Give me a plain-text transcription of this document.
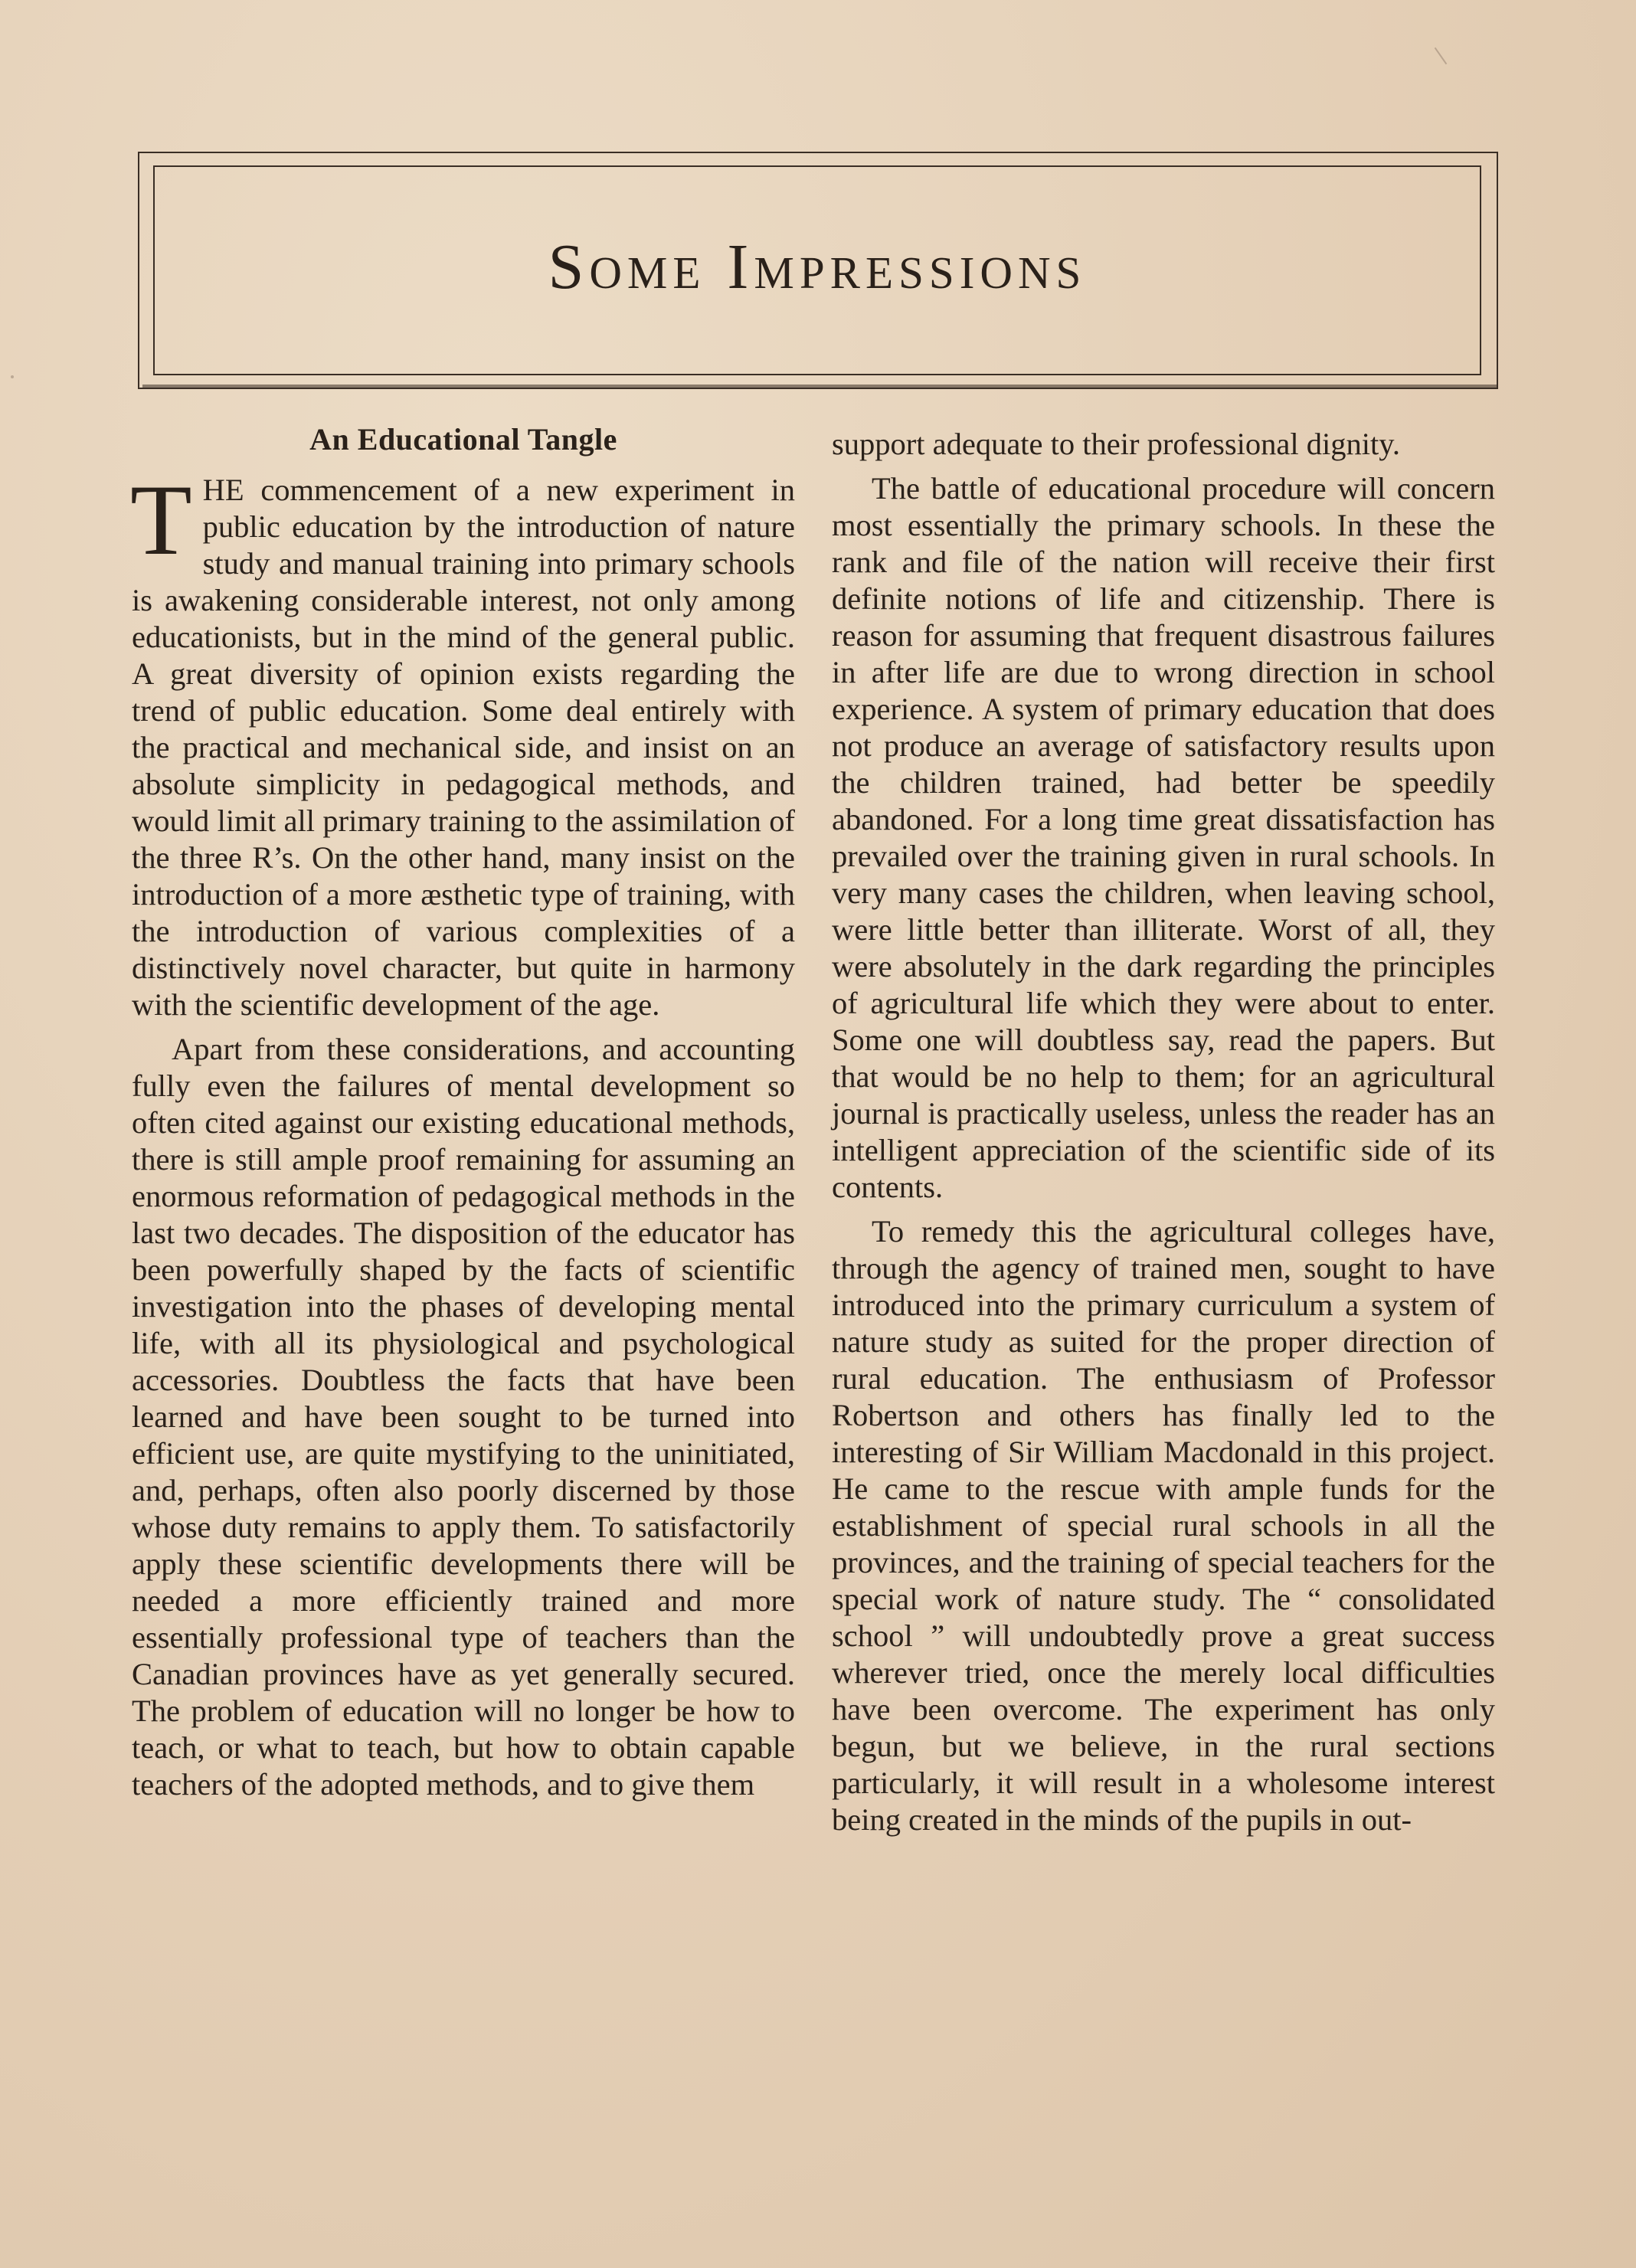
Some Impressions
An Educational Tangle

THE commencement of a new experiment in public education by the introduction of nature study and manual training into primary schools is awakening considerable interest, not only among educationists, but in the mind of the general public. A great diversity of opinion exists regarding the trend of public education. Some deal entirely with the practical and mechanical side, and insist on an absolute simplicity in pedagogical methods, and would limit all primary training to the assimilation of the three R’s. On the other hand, many insist on the introduction of a more æsthetic type of training, with the introduction of various complexities of a distinctively novel character, but quite in harmony with the scientific development of the age.

Apart from these considerations, and accounting fully even the failures of mental development so often cited against our existing educational methods, there is still ample proof remaining for assuming an enormous reformation of pedagogical methods in the last two decades. The disposition of the educator has been powerfully shaped by the facts of scientific investigation into the phases of developing mental life, with all its physiological and psychological accessories. Doubtless the facts that have been learned and have been sought to be turned into efficient use, are quite mystifying to the uninitiated, and, perhaps, often also poorly discerned by those whose duty remains to apply them. To satisfactorily apply these scientific developments there will be needed a more efficiently trained and more essentially professional type of teachers than the Canadian provinces have as yet generally secured. The problem of education will no longer be how to teach, or what to teach, but how to obtain capable teachers of the adopted methods, and to give them

support adequate to their professional dignity.

The battle of educational procedure will concern most essentially the primary schools. In these the rank and file of the nation will receive their first definite notions of life and citizenship. There is reason for assuming that frequent disastrous failures in after life are due to wrong direction in school experience. A system of primary education that does not produce an average of satisfactory results upon the children trained, had better be speedily abandoned. For a long time great dissatisfaction has prevailed over the training given in rural schools. In very many cases the children, when leaving school, were little better than illiterate. Worst of all, they were absolutely in the dark regarding the principles of agricultural life which they were about to enter. Some one will doubtless say, read the papers. But that would be no help to them; for an agricultural journal is practically useless, unless the reader has an intelligent appreciation of the scientific side of its contents.

To remedy this the agricultural colleges have, through the agency of trained men, sought to have introduced into the primary curriculum a system of nature study as suited for the proper direction of rural education. The enthusiasm of Professor Robertson and others has finally led to the interesting of Sir William Macdonald in this project. He came to the rescue with ample funds for the establishment of special rural schools in all the provinces, and the training of special teachers for the special work of nature study. The “ consolidated school ” will undoubtedly prove a great success wherever tried, once the merely local difficulties have been overcome. The experiment has only begun, but we believe, in the rural sections particularly, it will result in a wholesome interest being created in the minds of the pupils in out-
